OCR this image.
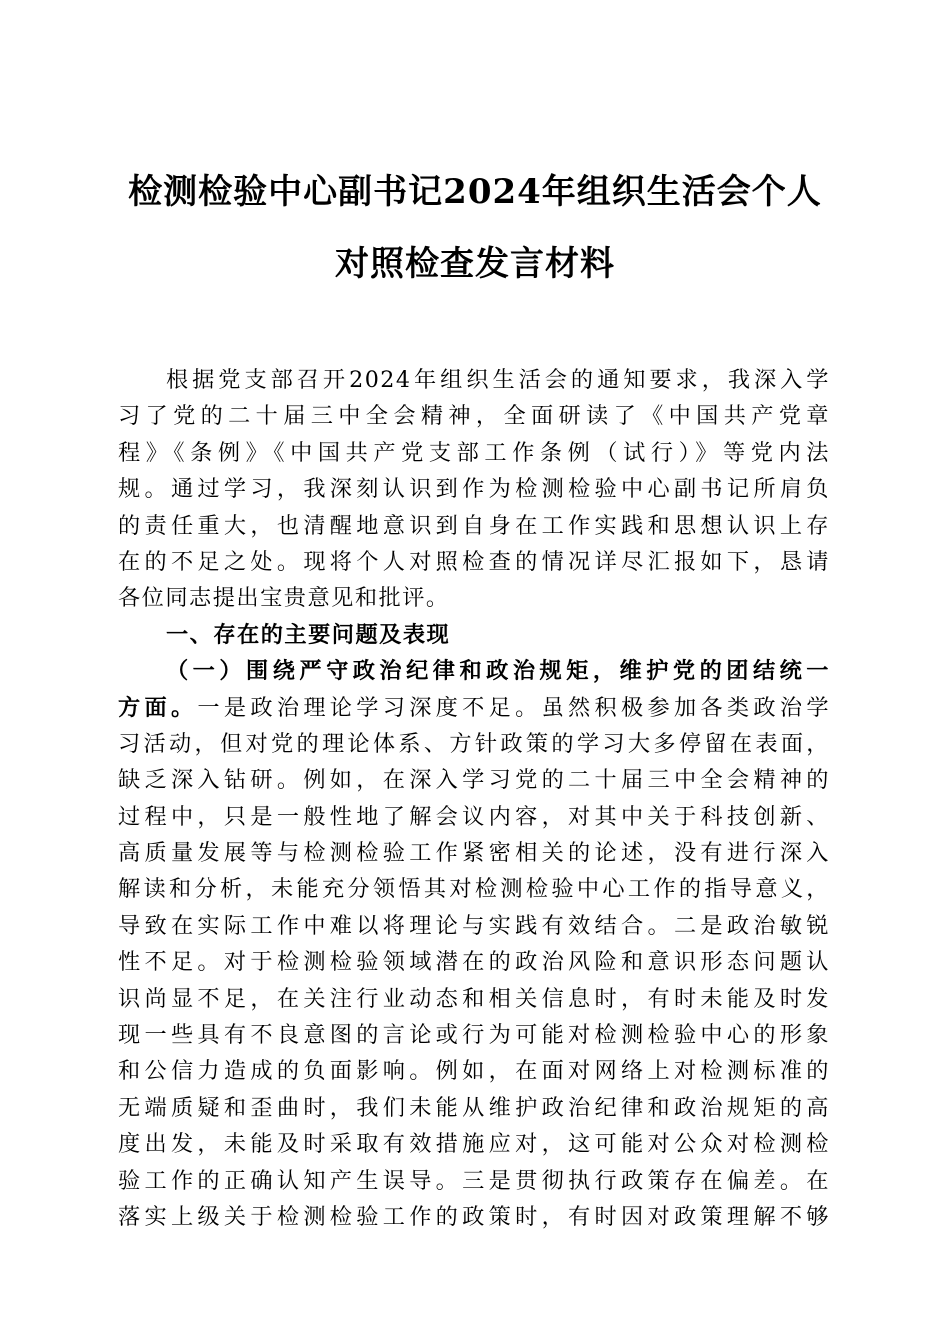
检测检验中心副书记2024年组织生活会个人
对照检查发言材料
根据党支部召开2024年组织生活会的通知要求，我深入学
习了党的二十届三中全会精神，全面研读了《中国共产党章
程》《条例》《中国共产党支部工作条例（试行）》等党内法
规。通过学习，我深刻认识到作为检测检验中心副书记所肩负
的责任重大，也清醒地意识到自身在工作实践和思想认识上存
在的不足之处。现将个人对照检查的情况详尽汇报如下，恳请
各位同志提出宝贵意见和批评。
一、存在的主要问题及表现
（一）围绕严守政治纪律和政治规矩，维护党的团结统一
方面。一是政治理论学习深度不足。虽然积极参加各类政治学
习活动，但对党的理论体系、方针政策的学习大多停留在表面，
缺乏深入钻研。例如，在深入学习党的二十届三中全会精神的
过程中，只是一般性地了解会议内容，对其中关于科技创新、
高质量发展等与检测检验工作紧密相关的论述，没有进行深入
解读和分析，未能充分领悟其对检测检验中心工作的指导意义，
导致在实际工作中难以将理论与实践有效结合。二是政治敏锐
性不足。对于检测检验领域潜在的政治风险和意识形态问题认
识尚显不足，在关注行业动态和相关信息时，有时未能及时发
现一些具有不良意图的言论或行为可能对检测检验中心的形象
和公信力造成的负面影响。例如，在面对网络上对检测标准的
无端质疑和歪曲时，我们未能从维护政治纪律和政治规矩的高
度出发，未能及时采取有效措施应对，这可能对公众对检测检
验工作的正确认知产生误导。三是贯彻执行政策存在偏差。在
落实上级关于检测检验工作的政策时，有时因对政策理解不够
